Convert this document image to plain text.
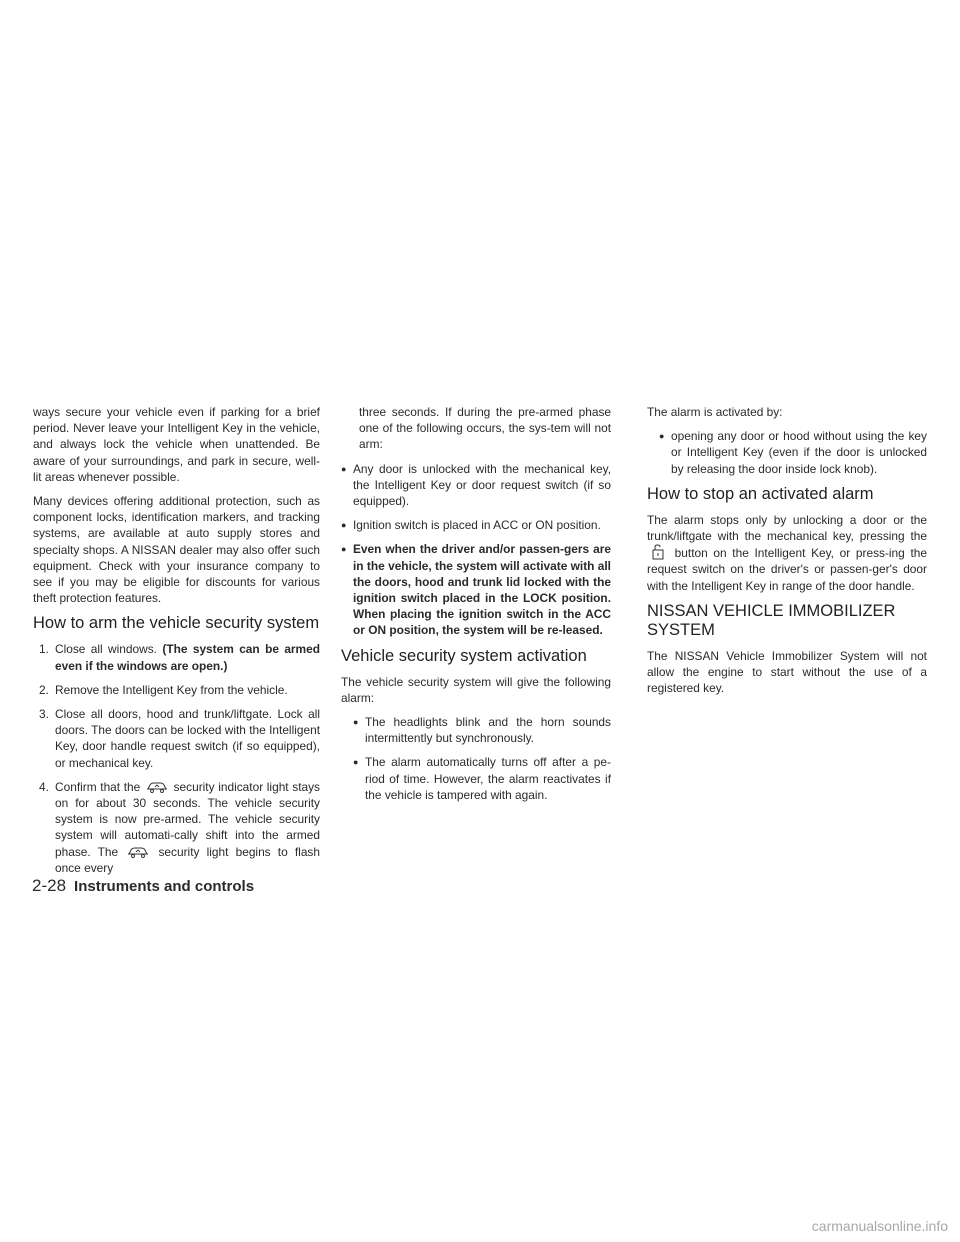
ways secure your vehicle even if parking for a brief period. Never leave your Intelligent Key in the vehicle, and always lock the vehicle when unattended. Be aware of your surroundings, and park in secure, well-lit areas whenever possible.

Many devices offering additional protection, such as component locks, identification markers, and tracking systems, are available at auto supply stores and specialty shops. A NISSAN dealer may also offer such equipment. Check with your insurance company to see if you may be eligible for discounts for various theft protection features.

How to arm the vehicle security system
1. Close all windows. (The system can be armed even if the windows are open.)
2. Remove the Intelligent Key from the vehicle.
3. Close all doors, hood and trunk/liftgate. Lock all doors. The doors can be locked with the Intelligent Key, door handle request switch (if so equipped), or mechanical key.
4. Confirm that the	security indicator light stays on for about 30 seconds. The vehicle security system is now pre-armed. The vehicle security system will automati-cally shift into the armed phase. The	security light begins to flash once every

three seconds. If during the pre-armed phase one of the following occurs, the sys-tem will not arm:

● Any door is unlocked with the mechanical key, the Intelligent Key or door request switch (if so equipped).
● Ignition switch is placed in ACC or ON position.
● Even when the driver and/or passen-gers are in the vehicle, the system will activate with all the doors, hood and trunk lid locked with the ignition switch placed in the LOCK position. When placing the ignition switch in the ACC or ON position, the system will be re-leased.
Vehicle security system activation

The vehicle security system will give the following alarm:

● The headlights blink and the horn sounds intermittently but synchronously.
● The alarm automatically turns off after a pe-riod of time. However, the alarm reactivates if the vehicle is tampered with again.

The alarm is activated by:

● opening any door or hood without using the key or Intelligent Key (even if the door is unlocked by releasing the door inside lock knob).
How to stop an activated alarm

The alarm stops only by unlocking a door or the trunk/liftgate with the mechanical key, pressing the  button on the Intelligent Key, or press-ing the request switch on the driver's or passen-ger's door with the Intelligent Key in range of the door handle.

NISSAN VEHICLE IMMOBILIZER SYSTEM

The NISSAN Vehicle Immobilizer System will not allow the engine to start without the use of a registered key.

2-28 Instruments and controls
carmanualsonline.info
